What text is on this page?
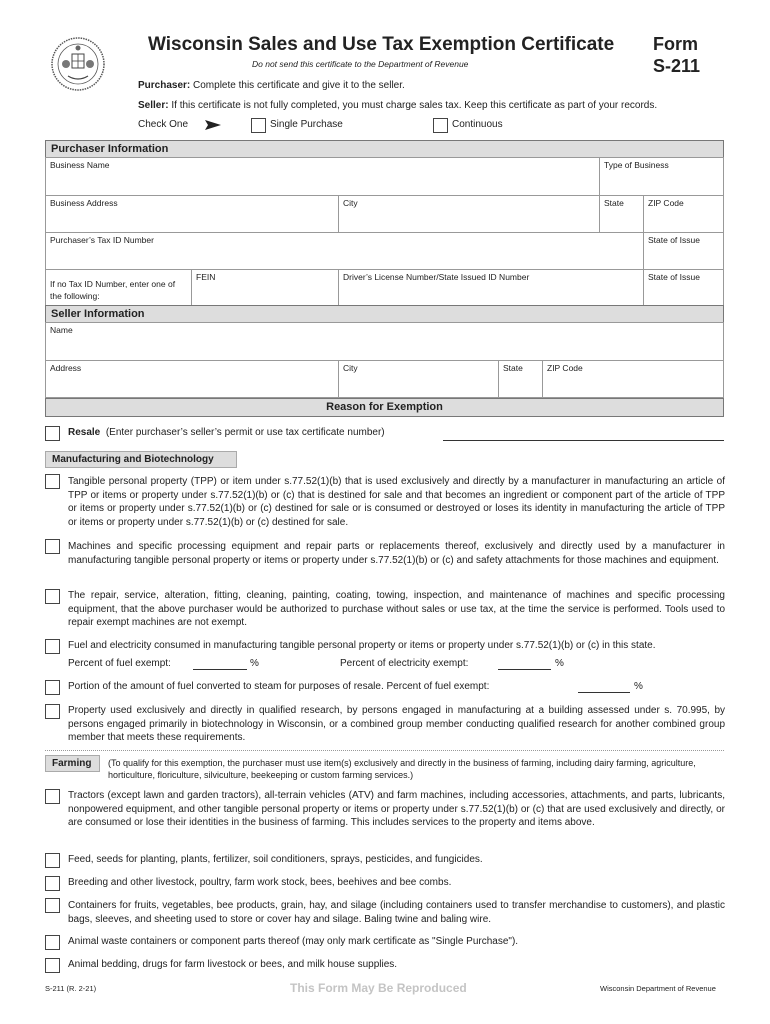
Wisconsin Sales and Use Tax Exemption Certificate
Do not send this certificate to the Department of Revenue
Form
S-211
Purchaser: Complete this certificate and give it to the seller.
Seller: If this certificate is not fully completed, you must charge sales tax. Keep this certificate as part of your records.
Check One	Single Purchase	Continuous
Purchaser Information
Business Name			Type of Business	
Business Address		City	State	ZIP Code
Purchaser’s Tax ID Number				State of Issue
If no Tax ID Number, enter one of the following:	FEIN	Driver’s License Number/State Issued ID Number		State of Issue
Seller Information
Name
Address	City	State	ZIP Code
Reason for Exemption
Resale (Enter purchaser’s seller’s permit or use tax certificate number)
Manufacturing and Biotechnology
Tangible personal property (TPP) or item under s.77.52(1)(b) that is used exclusively and directly by a manufacturer in manufacturing an article of TPP or items or property under s.77.52(1)(b) or (c) that is destined for sale and that becomes an ingredient or component part of the article of TPP or items or property under s.77.52(1)(b) or (c) destined for sale or is consumed or destroyed or loses its identity in manufacturing the article of TPP or items or property under s.77.52(1)(b) or (c) destined for sale.
Machines and specific processing equipment and repair parts or replacements thereof, exclusively and directly used by a manufacturer in manufacturing tangible personal property or items or property under s.77.52(1)(b) or (c) and safety attachments for those machines and equipment.
The repair, service, alteration, fitting, cleaning, painting, coating, towing, inspection, and maintenance of machines and specific processing equipment, that the above purchaser would be authorized to purchase without sales or use tax, at the time the service is performed. Tools used to repair exempt machines are not exempt.
Fuel and electricity consumed in manufacturing tangible personal property or items or property under s.77.52(1)(b) or (c) in this state.
Percent of fuel exempt:	%	Percent of electricity exempt:	%
Portion of the amount of fuel converted to steam for purposes of resale. Percent of fuel exempt:	%
Property used exclusively and directly in qualified research, by persons engaged in manufacturing at a building assessed under s. 70.995, by persons engaged primarily in biotechnology in Wisconsin, or a combined group member conducting qualified research for another combined group member that meets these requirements.
Farming	(To qualify for this exemption, the purchaser must use item(s) exclusively and directly in the business of farming, including dairy farming, agriculture, horticulture, floriculture, silviculture, beekeeping or custom farming services.)
Tractors (except lawn and garden tractors), all-terrain vehicles (ATV) and farm machines, including accessories, attachments, and parts, lubricants, nonpowered equipment, and other tangible personal property or items or property under s.77.52(1)(b) or (c) that are used exclusively and directly, or are consumed or lose their identities in the business of farming. This includes services to the property and items above.
Feed, seeds for planting, plants, fertilizer, soil conditioners, sprays, pesticides, and fungicides.
Breeding and other livestock, poultry, farm work stock, bees, beehives and bee combs.
Containers for fruits, vegetables, bee products, grain, hay, and silage (including containers used to transfer merchandise to customers), and plastic bags, sleeves, and sheeting used to store or cover hay and silage. Baling twine and baling wire.
Animal waste containers or component parts thereof (may only mark certificate as "Single Purchase").
Animal bedding, drugs for farm livestock or bees, and milk house supplies.
S-211 (R. 2-21)	This Form May Be Reproduced	Wisconsin Department of Revenue
